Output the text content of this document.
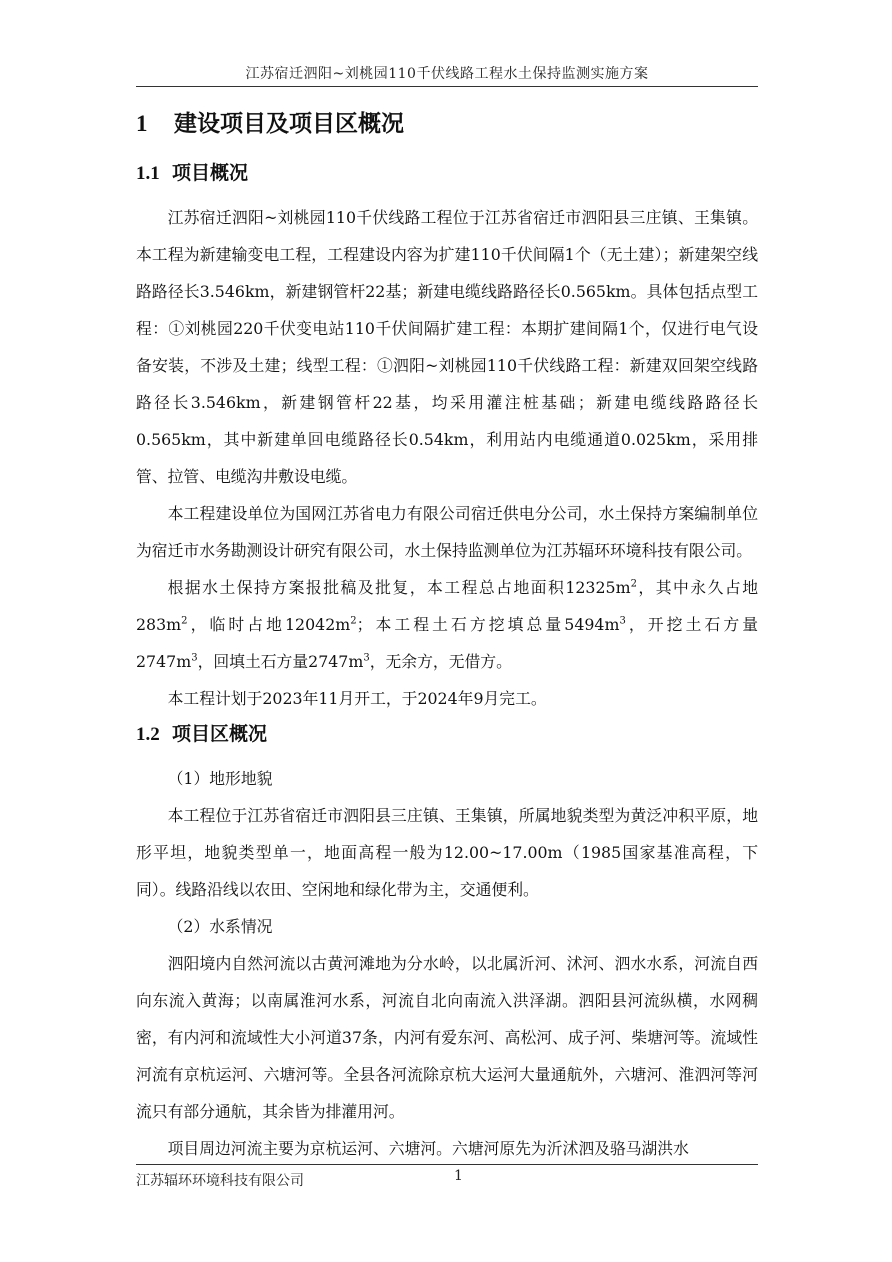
江苏宿迁泗阳~刘桃园110千伏线路工程水土保持监测实施方案
1 建设项目及项目区概况
1.1 项目概况

江苏宿迁泗阳~刘桃园110千伏线路工程位于江苏省宿迁市泗阳县三庄镇、王集镇。本工程为新建输变电工程，工程建设内容为扩建110千伏间隔1个（无土建）；新建架空线路路径长3.546km，新建钢管杆22基；新建电缆线路路径长0.565km。具体包括点型工程：①刘桃园220千伏变电站110千伏间隔扩建工程：本期扩建间隔1个，仅进行电气设备安装，不涉及土建；线型工程：①泗阳~刘桃园110千伏线路工程：新建双回架空线路路径长3.546km，新建钢管杆22基，均采用灌注桩基础；新建电缆线路路径长0.565km，其中新建单回电缆路径长0.54km，利用站内电缆通道0.025km，采用排管、拉管、电缆沟井敷设电缆。

本工程建设单位为国网江苏省电力有限公司宿迁供电分公司，水土保持方案编制单位为宿迁市水务勘测设计研究有限公司，水土保持监测单位为江苏辐环环境科技有限公司。

根据水土保持方案报批稿及批复，本工程总占地面积$12325m^2$，其中永久占地$283m^2$，临时占地$12042m^2$；本工程土石方挖填总量$5494m^3$，开挖土石方量$2747m^3$，回填土石方量$2747m^3$，无余方，无借方。

本工程计划于2023年11月开工，于2024年9月完工。

1.2 项目区概况

（1）地形地貌

本工程位于江苏省宿迁市泗阳县三庄镇、王集镇，所属地貌类型为黄泛冲积平原，地形平坦，地貌类型单一，地面高程一般为12.00~17.00m（1985国家基准高程，下同）。线路沿线以农田、空闲地和绿化带为主，交通便利。

（2）水系情况

泗阳境内自然河流以古黄河滩地为分水岭，以北属沂河、沭河、泗水水系，河流自西向东流入黄海；以南属淮河水系，河流自北向南流入洪泽湖。泗阳县河流纵横，水网稠密，有内河和流域性大小河道37条，内河有爱东河、高松河、成子河、柴塘河等。流域性河流有京杭运河、六塘河等。全县各河流除京杭大运河大量通航外，六塘河、淮泗河等河流只有部分通航，其余皆为排灌用河。

项目周边河流主要为京杭运河、六塘河。六塘河原先为沂沭泗及骆马湖洪水

江苏辐环环境科技有限公司	1
